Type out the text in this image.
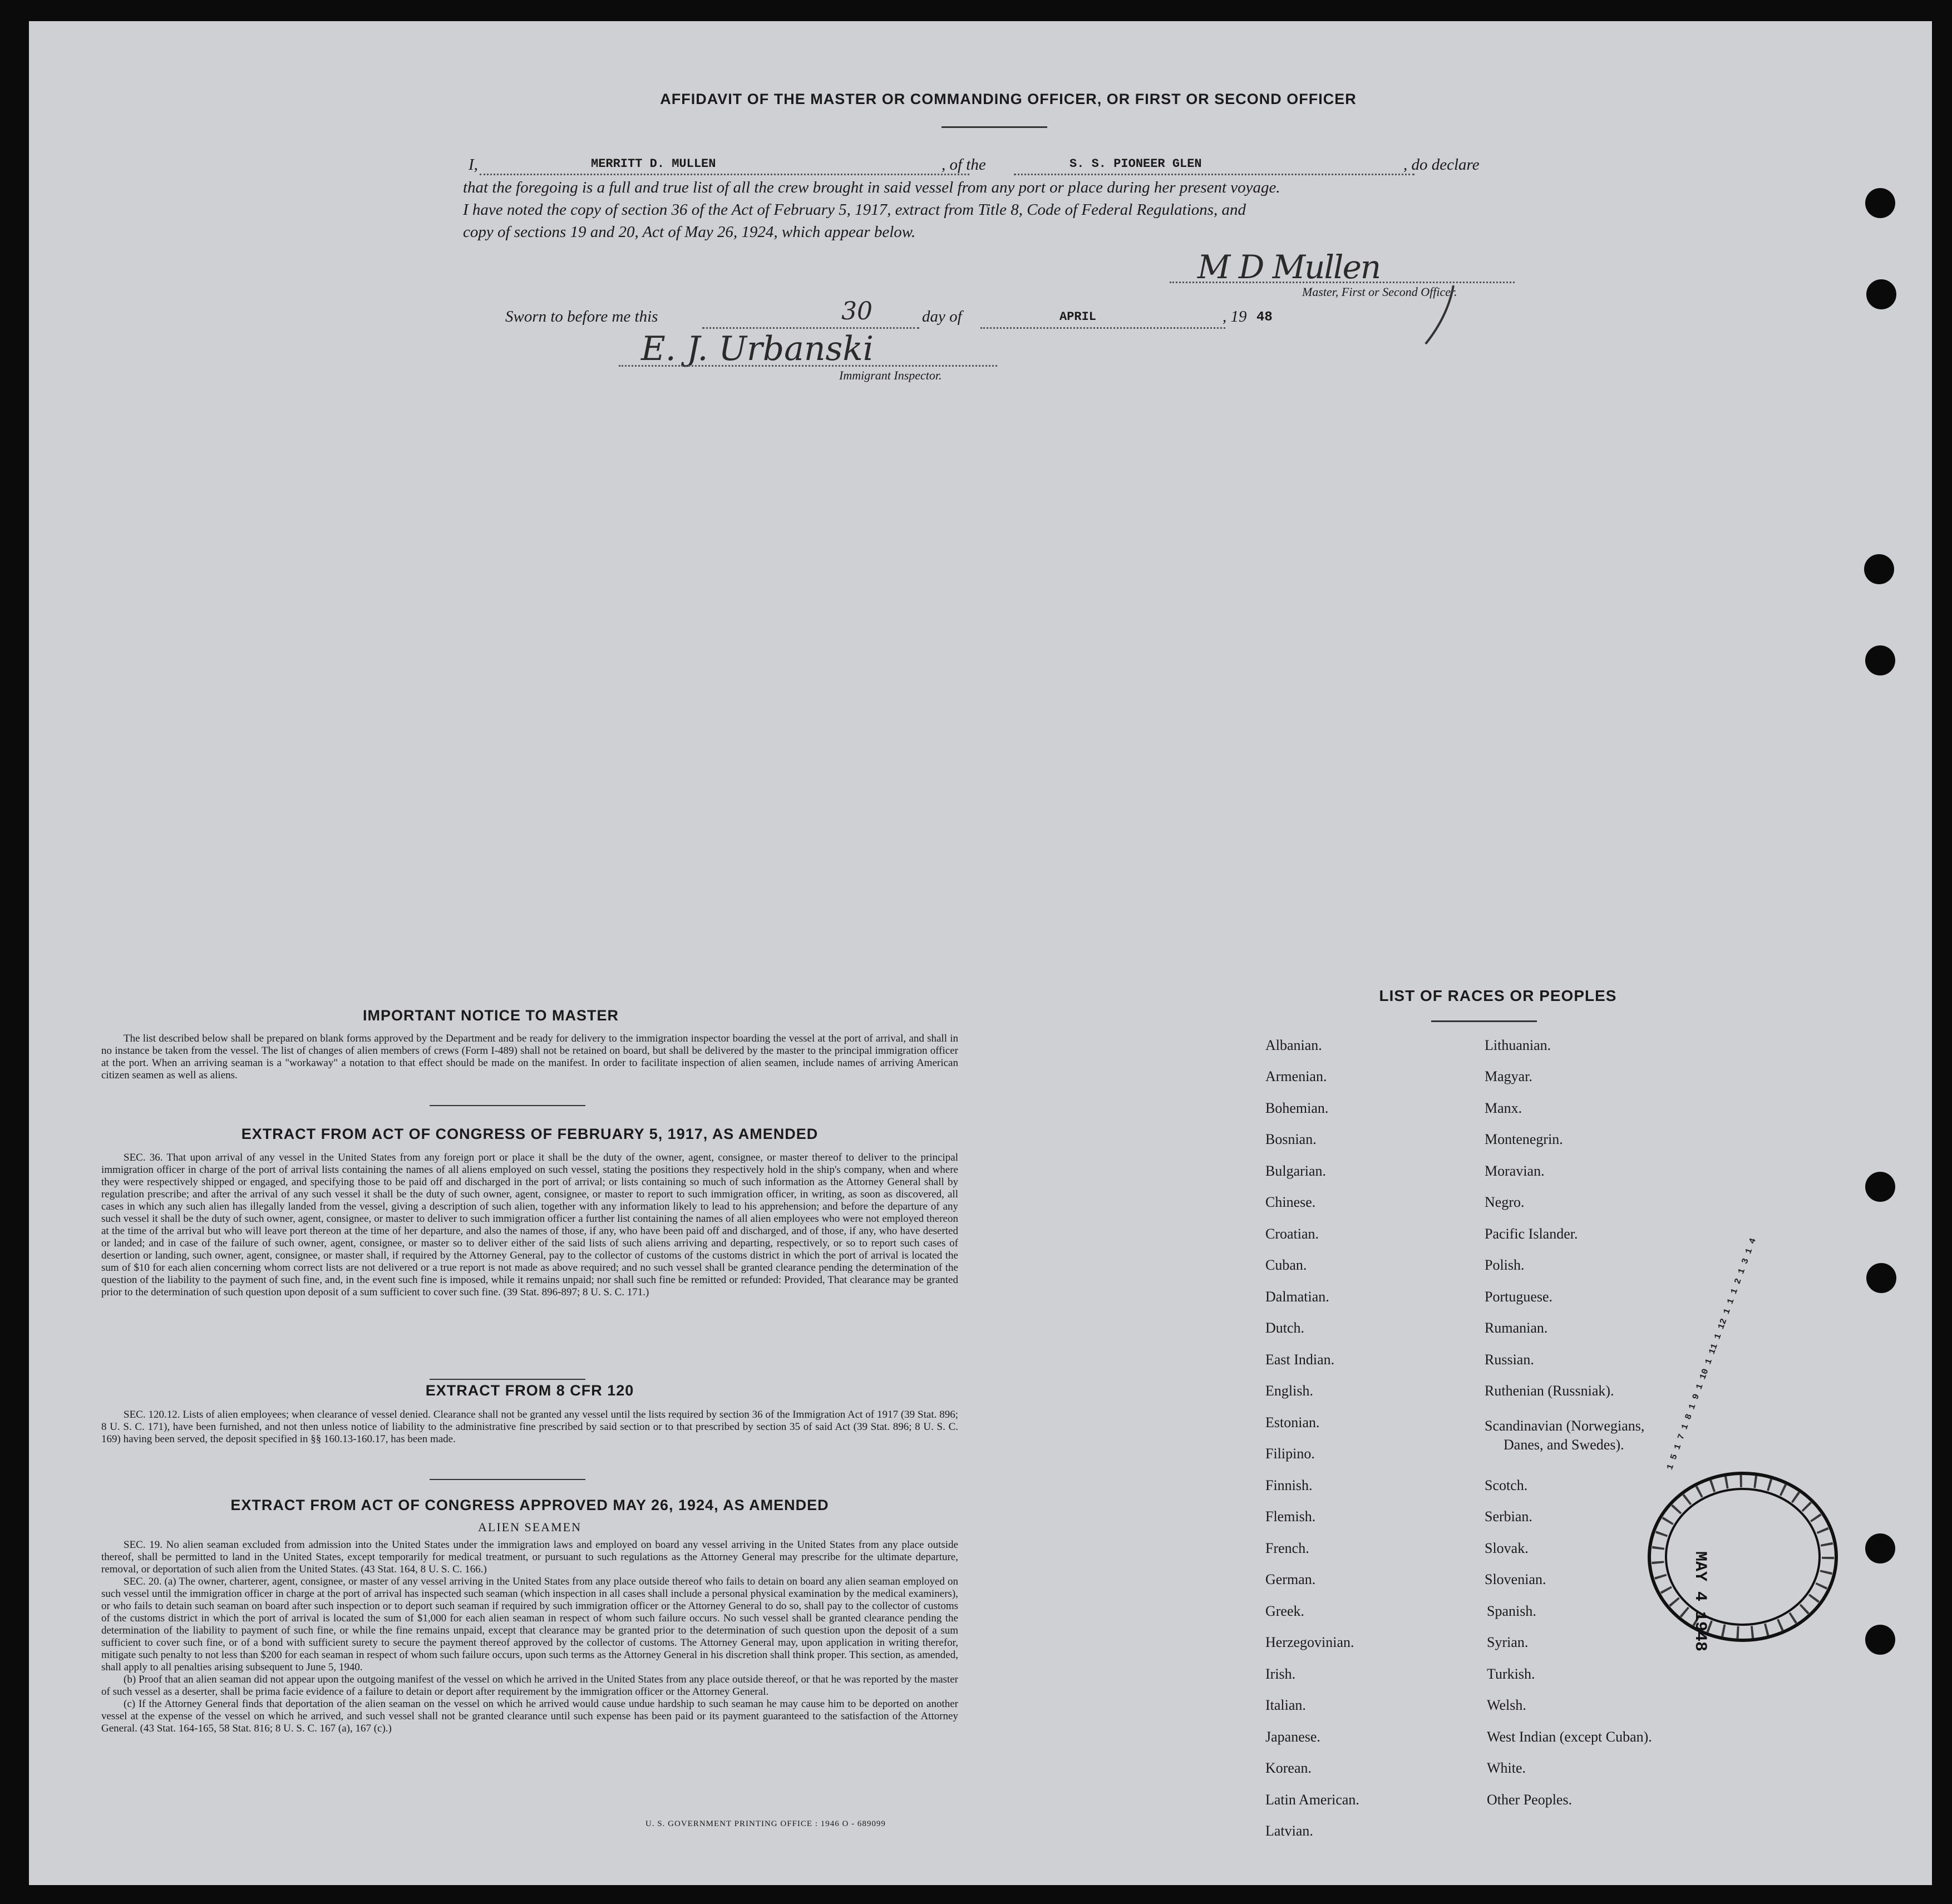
AFFIDAVIT OF THE MASTER OR COMMANDING OFFICER, OR FIRST OR SECOND OFFICER
I,	MERRITT D. MULLEN	, of the	S. S. PIONEER GLEN	, do declare
that the foregoing is a full and true list of all the crew brought in said vessel from any port or place during her present voyage.
I have noted the copy of section 36 of the Act of February 5, 1917, extract from Title 8, Code of Federal Regulations, and
copy of sections 19 and 20, Act of May 26, 1924, which appear below.
M D Mullen
Master, First or Second Officer.
Sworn to before me this	30	day of	APRIL	, 19 48
E. J. Urbanski
Immigrant Inspector.
IMPORTANT NOTICE TO MASTER
The list described below shall be prepared on blank forms approved by the Department and be ready for delivery to the immigration inspector boarding the vessel at the port of arrival, and shall in no instance be taken from the vessel. The list of changes of alien members of crews (Form I-489) shall not be retained on board, but shall be delivered by the master to the principal immigration officer at the port. When an arriving seaman is a "workaway" a notation to that effect should be made on the manifest. In order to facilitate inspection of alien seamen, include names of arriving American citizen seamen as well as aliens.
EXTRACT FROM ACT OF CONGRESS OF FEBRUARY 5, 1917, AS AMENDED
SEC. 36. That upon arrival of any vessel in the United States from any foreign port or place it shall be the duty of the owner, agent, consignee, or master thereof to deliver to the principal immigration officer in charge of the port of arrival lists containing the names of all aliens employed on such vessel, stating the positions they respectively hold in the ship's company, when and where they were respectively shipped or engaged, and specifying those to be paid off and discharged in the port of arrival; or lists containing so much of such information as the Attorney General shall by regulation prescribe; and after the arrival of any such vessel it shall be the duty of such owner, agent, consignee, or master to report to such immigration officer, in writing, as soon as discovered, all cases in which any such alien has illegally landed from the vessel, giving a description of such alien, together with any information likely to lead to his apprehension; and before the departure of any such vessel it shall be the duty of such owner, agent, consignee, or master to deliver to such immigration officer a further list containing the names of all alien employees who were not employed thereon at the time of the arrival but who will leave port thereon at the time of her departure, and also the names of those, if any, who have been paid off and discharged, and of those, if any, who have deserted or landed; and in case of the failure of such owner, agent, consignee, or master so to deliver either of the said lists of such aliens arriving and departing, respectively, or so to report such cases of desertion or landing, such owner, agent, consignee, or master shall, if required by the Attorney General, pay to the collector of customs of the customs district in which the port of arrival is located the sum of $10 for each alien concerning whom correct lists are not delivered or a true report is not made as above required; and no such vessel shall be granted clearance pending the determination of the question of the liability to the payment of such fine, and, in the event such fine is imposed, while it remains unpaid; nor shall such fine be remitted or refunded: Provided, That clearance may be granted prior to the determination of such question upon deposit of a sum sufficient to cover such fine. (39 Stat. 896-897; 8 U. S. C. 171.)
EXTRACT FROM 8 CFR 120
SEC. 120.12. Lists of alien employees; when clearance of vessel denied. Clearance shall not be granted any vessel until the lists required by section 36 of the Immigration Act of 1917 (39 Stat. 896; 8 U. S. C. 171), have been furnished, and not then unless notice of liability to the administrative fine prescribed by said section or to that prescribed by section 35 of said Act (39 Stat. 896; 8 U. S. C. 169) having been served, the deposit specified in §§ 160.13-160.17, has been made.
EXTRACT FROM ACT OF CONGRESS APPROVED MAY 26, 1924, AS AMENDED
ALIEN SEAMEN
SEC. 19. No alien seaman excluded from admission into the United States under the immigration laws and employed on board any vessel arriving in the United States from any place outside thereof, shall be permitted to land in the United States, except temporarily for medical treatment, or pursuant to such regulations as the Attorney General may prescribe for the ultimate departure, removal, or deportation of such alien from the United States. (43 Stat. 164, 8 U. S. C. 166.)
SEC. 20. (a) The owner, charterer, agent, consignee, or master of any vessel arriving in the United States from any place outside thereof who fails to detain on board any alien seaman employed on such vessel until the immigration officer in charge at the port of arrival has inspected such seaman (which inspection in all cases shall include a personal physical examination by the medical examiners), or who fails to detain such seaman on board after such inspection or to deport such seaman if required by such immigration officer or the Attorney General to do so, shall pay to the collector of customs of the customs district in which the port of arrival is located the sum of $1,000 for each alien seaman in respect of whom such failure occurs. No such vessel shall be granted clearance pending the determination of the liability to payment of such fine, or while the fine remains unpaid, except that clearance may be granted prior to the determination of such question upon the deposit of a sum sufficient to cover such fine, or of a bond with sufficient surety to secure the payment thereof approved by the collector of customs. The Attorney General may, upon application in writing therefor, mitigate such penalty to not less than $200 for each seaman in respect of whom such failure occurs, upon such terms as the Attorney General in his discretion shall think proper. This section, as amended, shall apply to all penalties arising subsequent to June 5, 1940.
(b) Proof that an alien seaman did not appear upon the outgoing manifest of the vessel on which he arrived in the United States from any place outside thereof, or that he was reported by the master of such vessel as a deserter, shall be prima facie evidence of a failure to detain or deport after requirement by the immigration officer or the Attorney General.
(c) If the Attorney General finds that deportation of the alien seaman on the vessel on which he arrived would cause undue hardship to such seaman he may cause him to be deported on another vessel at the expense of the vessel on which he arrived, and such vessel shall not be granted clearance until such expense has been paid or its payment guaranteed to the satisfaction of the Attorney General. (43 Stat. 164-165, 58 Stat. 816; 8 U. S. C. 167 (a), 167 (c).)
U. S. GOVERNMENT PRINTING OFFICE : 1946 O - 689099
LIST OF RACES OR PEOPLES
Albanian.
Armenian.
Bohemian.
Bosnian.
Bulgarian.
Chinese.
Croatian.
Cuban.
Dalmatian.
Dutch.
East Indian.
English.
Estonian.
Filipino.
Finnish.
Flemish.
French.
German.
Greek.
Herzegovinian.
Irish.
Italian.
Japanese.
Korean.
Latin American.
Latvian.
Lithuanian.
Magyar.
Manx.
Montenegrin.
Moravian.
Negro.
Pacific Islander.
Polish.
Portuguese.
Rumanian.
Russian.
Ruthenian (Russniak).
Scandinavian (Norwegians,
Danes, and Swedes).
Scotch.
Serbian.
Slovak.
Slovenian.
Spanish.
Syrian.
Turkish.
Welsh.
West Indian (except Cuban).
White.
Other Peoples.
MAY 4 1948
1 5 1 7 1 8 1 9 1 10 1 11 1 12 1 1 1 2 1 3 1 4
